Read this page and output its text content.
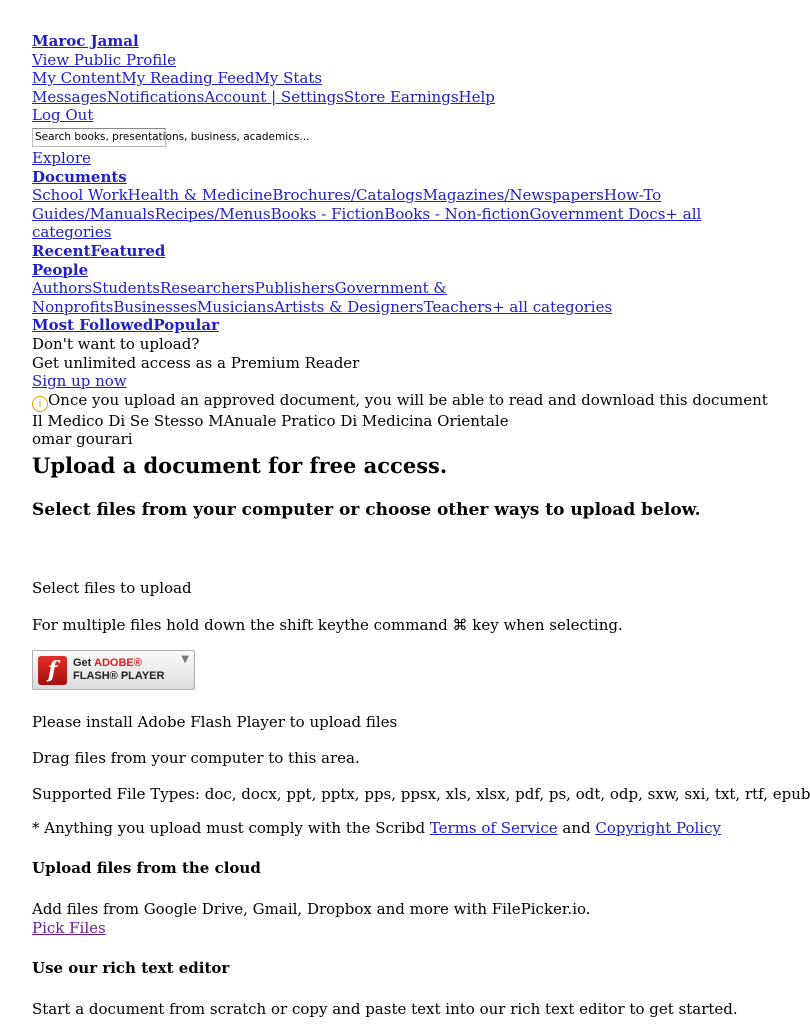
Maroc Jamal
View Public Profile
My ContentMy Reading FeedMy Stats
MessagesNotificationsAccount | SettingsStore EarningsHelp
Log Out
Search books, presentations, business, academics...
Explore
Documents
School WorkHealth & MedicineBrochures/CatalogsMagazines/NewspapersHow-To Guides/ManualsRecipes/MenusBooks - FictionBooks - Non-fictionGovernment Docs+ all categories
RecentFeatured
People
AuthorsStudentsResearchersPublishersGovernment & NonprofitsBusinessesMusiciansArtists & DesignersTeachers+ all categories
Most FollowedPopular
Don't want to upload?
Get unlimited access as a Premium Reader
Sign up now
i Once you upload an approved document, you will be able to read and download this document
Il Medico Di Se Stesso MAnuale Pratico Di Medicina Orientale
omar gourari
Upload a document for free access.
Select files from your computer or choose other ways to upload below.
Select files to upload
For multiple files hold down the shift keythe command ⌘ key when selecting.
f	Get ADOBE®
FLASH® PLAYER
▼
Please install Adobe Flash Player to upload files
Drag files from your computer to this area.
Supported File Types: doc, docx, ppt, pptx, pps, ppsx, xls, xlsx, pdf, ps, odt, odp, sxw, sxi, txt, rtf, epub
* Anything you upload must comply with the Scribd Terms of Service and Copyright Policy
Upload files from the cloud
Add files from Google Drive, Gmail, Dropbox and more with FilePicker.io.
Pick Files
Use our rich text editor
Start a document from scratch or copy and paste text into our rich text editor to get started.
